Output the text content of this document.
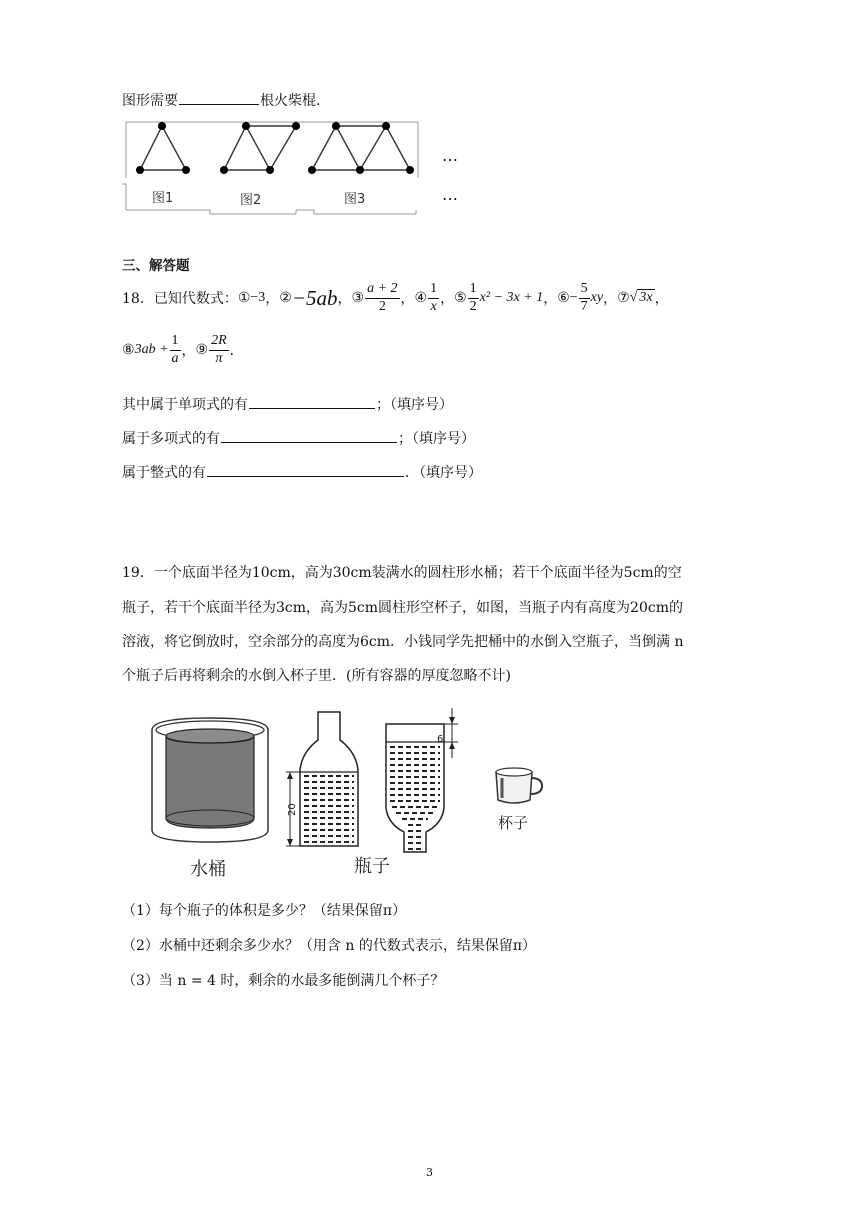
图形需要	根火柴棍．
图1	图2	图3
…
…
三、解答题
18． 已知代数式： ① −3 ， ② −5ab ， ③ $\frac{a + 2}{2}$ ， ④ $\frac{1}{x}$ ， ⑤ $\frac{1}{2} x^2 - 3x + 1$ ， ⑥ − $\frac{5}{7}$ xy ， ⑦ √ 3x ，
⑧ $3ab + \frac{1}{a}$ ， ⑨ $\frac{2R}{\pi}$ ．
其中属于单项式的有	；（填序号）
属于多项式的有	；（填序号）
属于整式的有	．（填序号）
19．一个底面半径为10cm，高为30cm装满水的圆柱形水桶；若干个底面半径为5cm的空
瓶子，若干个底面半径为3cm，高为5cm圆柱形空杯子，如图，当瓶子内有高度为20cm的
溶液，将它倒放时，空余部分的高度为6cm．小钱同学先把桶中的水倒入空瓶子，当倒满 n
个瓶子后再将剩余的水倒入杯子里．(所有容器的厚度忽略不计)
水桶
20
6
瓶子
杯子
（1）每个瓶子的体积是多少？（结果保留π）
（2）水桶中还剩余多少水？（用含 n 的代数式表示，结果保留π）
（3）当 n = 4 时，剩余的水最多能倒满几个杯子？
3
